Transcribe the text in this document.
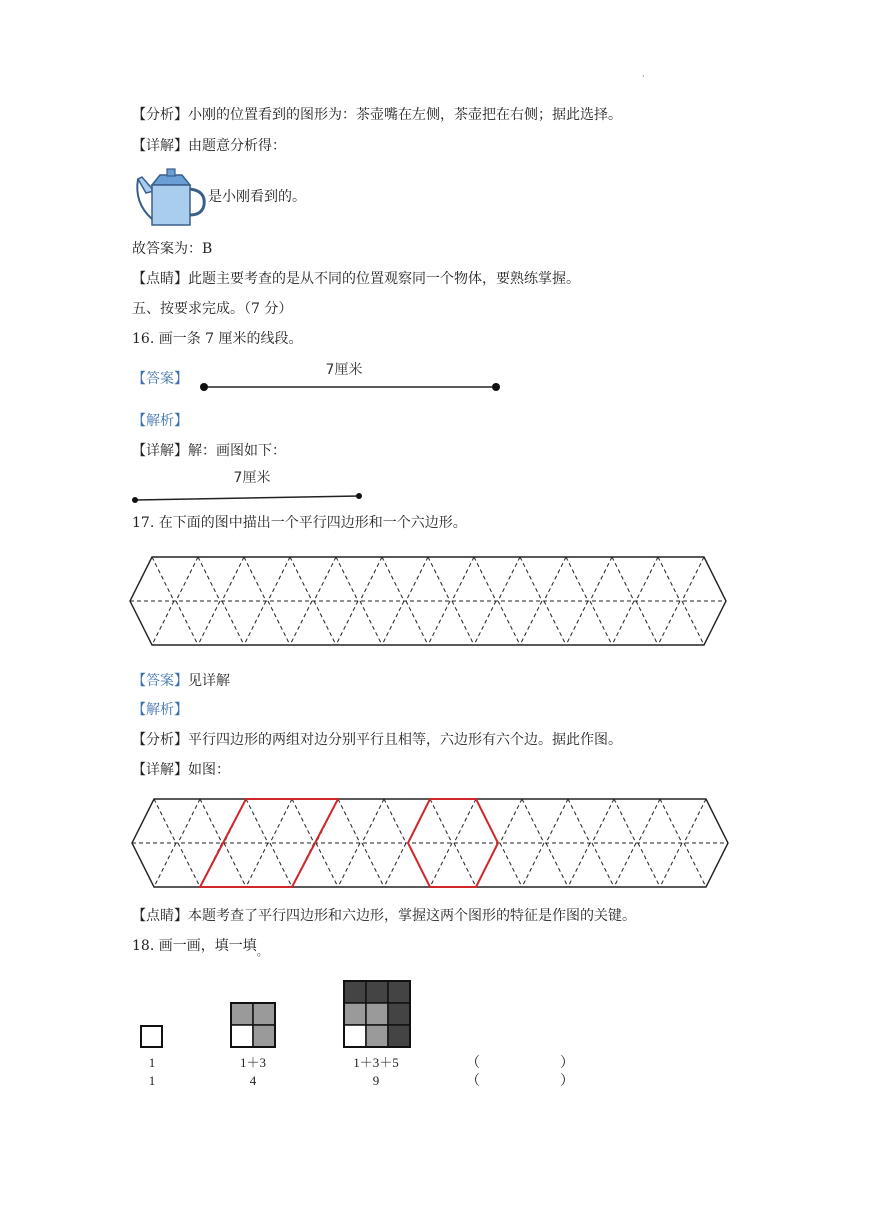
·
【分析】小刚的位置看到的图形为：茶壶嘴在左侧，茶壶把在右侧；据此选择。
【详解】由题意分析得：
是小刚看到的。
故答案为：B
【点睛】此题主要考查的是从不同的位置观察同一个物体，要熟练掌握。
五、按要求完成。（7 分）
16. 画一条 7 厘米的线段。
【答案】
7厘米
【解析】
【详解】解：画图如下：
7厘米
17. 在下面的图中描出一个平行四边形和一个六边形。
【答案】见详解
【解析】
【分析】平行四边形的两组对边分别平行且相等，六边形有六个边。据此作图。
【详解】如图：
【点睛】本题考查了平行四边形和六边形，掌握这两个图形的特征是作图的关键。
18. 画一画，填一填$_。$
1
1
1＋3
4
1＋3＋5
9
（	）
（	）
